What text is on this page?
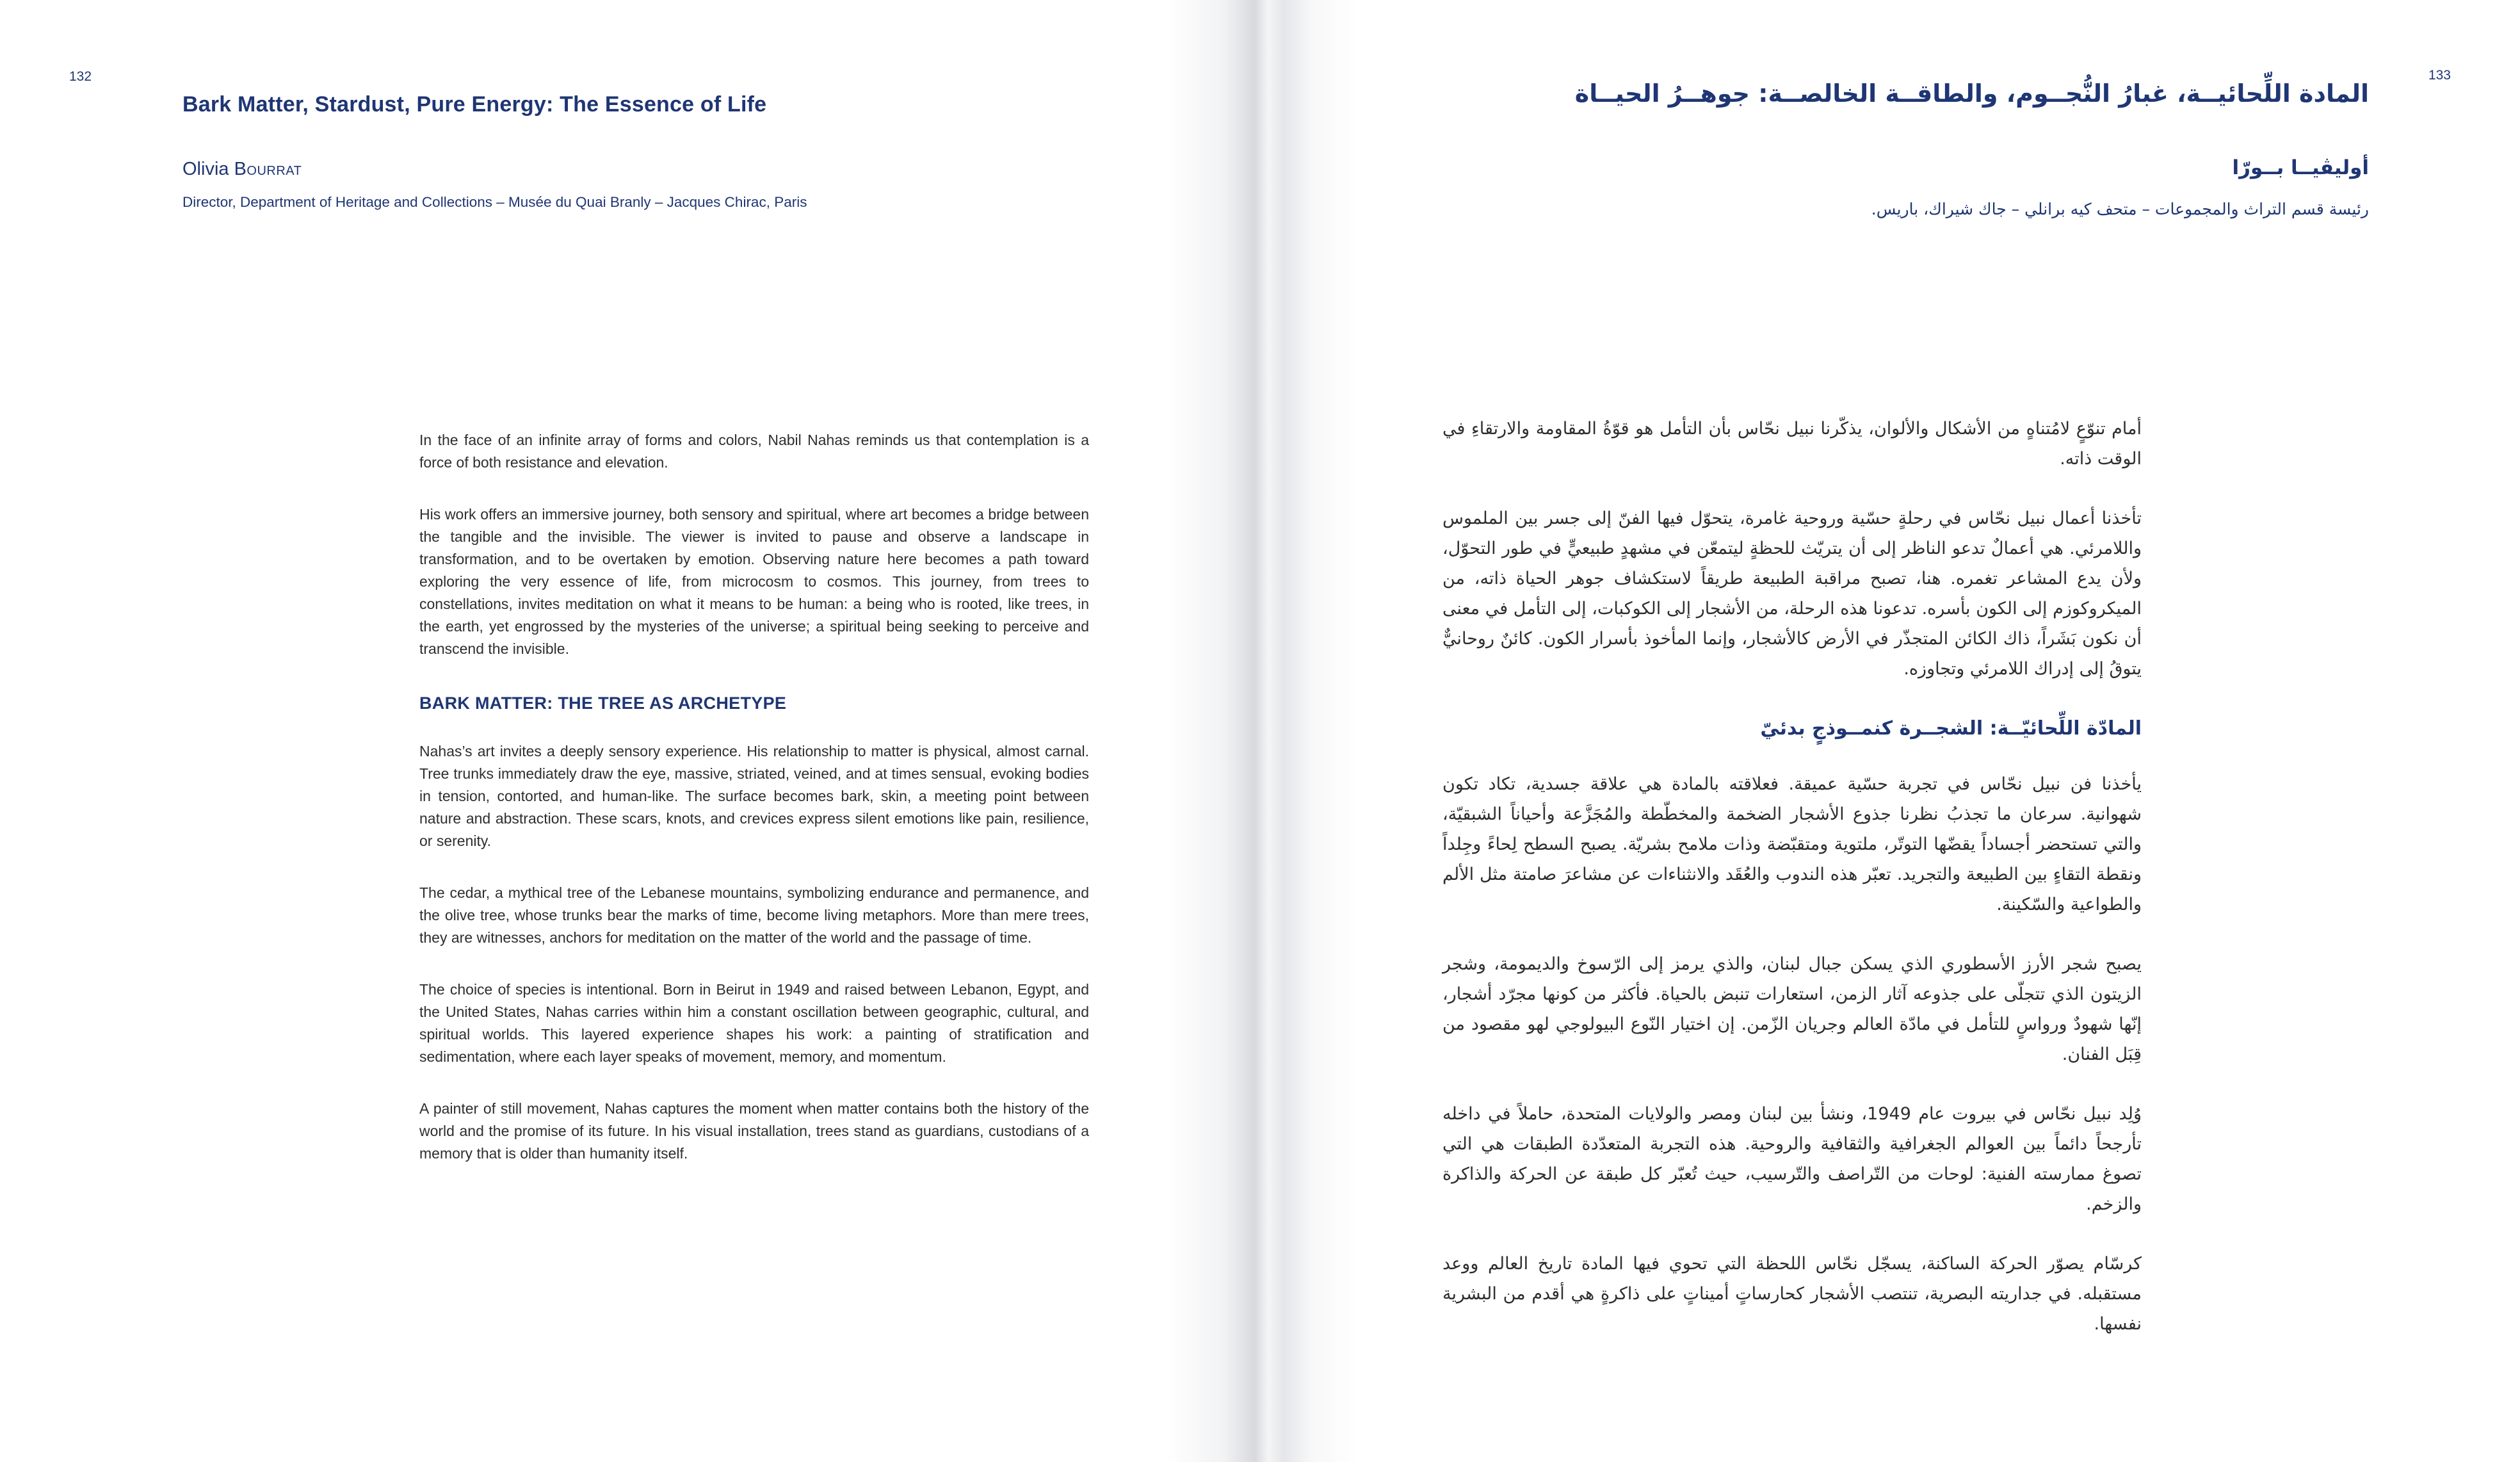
132
Bark Matter, Stardust, Pure Energy: The Essence of Life
Olivia Bourrat
Director, Department of Heritage and Collections – Musée du Quai Branly – Jacques Chirac, Paris

In the face of an infinite array of forms and colors, Nabil Nahas reminds us that contemplation is a force of both resistance and elevation.

His work offers an immersive journey, both sensory and spiritual, where art becomes a bridge between the tangible and the invisible. The viewer is invited to pause and observe a landscape in transformation, and to be overtaken by emotion. Observing nature here becomes a path toward exploring the very essence of life, from microcosm to cosmos. This journey, from trees to constellations, invites meditation on what it means to be human: a being who is rooted, like trees, in the earth, yet engrossed by the mysteries of the universe; a spiritual being seeking to perceive and transcend the invisible.

BARK MATTER: THE TREE AS ARCHETYPE

Nahas’s art invites a deeply sensory experience. His relationship to matter is physical, almost carnal. Tree trunks immediately draw the eye, massive, striated, veined, and at times sensual, evoking bodies in tension, contorted, and human-like. The surface becomes bark, skin, a meeting point between nature and abstraction. These scars, knots, and crevices express silent emotions like pain, resilience, or serenity.

The cedar, a mythical tree of the Lebanese mountains, symbolizing endurance and permanence, and the olive tree, whose trunks bear the marks of time, become living metaphors. More than mere trees, they are witnesses, anchors for meditation on the matter of the world and the passage of time.

The choice of species is intentional. Born in Beirut in 1949 and raised between Lebanon, Egypt, and the United States, Nahas carries within him a constant oscillation between geographic, cultural, and spiritual worlds. This layered experience shapes his work: a painting of stratification and sedimentation, where each layer speaks of movement, memory, and momentum.

A painter of still movement, Nahas captures the moment when matter contains both the history of the world and the promise of its future. In his visual installation, trees stand as guardians, custodians of a memory that is older than humanity itself.

133
المادة اللِّحائيــة، غبارُ النُّجــوم، والطاقــة الخالصــة: جوهــرُ الحيــاة
أوليڤيــا بــورّا
رئيسة قسم التراث والمجموعات – متحف كيه برانلي – جاك شيراك، باريس.

أمام تنوّعٍ لامُتناهٍ من الأشكال والألوان، يذكّرنا نبيل نحّاس بأن التأمل هو قوّةُ المقاومة والارتقاءِ في الوقت ذاته.

تأخذنا أعمال نبيل نحّاس في رحلةٍ حسّية وروحية غامرة، يتحوّل فيها الفنّ إلى جسر بين الملموس واللامرئي. هي أعمالٌ تدعو الناظر إلى أن يتريّث للحظةٍ ليتمعّن في مشهدٍ طبيعيٍّ في طور التحوّل، ولأن يدع المشاعر تغمره. هنا، تصبح مراقبة الطبيعة طريقاً لاستكشاف جوهر الحياة ذاته، من الميكروكوزم إلى الكون بأسره. تدعونا هذه الرحلة، من الأشجار إلى الكوكبات، إلى التأمل في معنى أن نكون بَشَراً، ذاك الكائن المتجذّر في الأرض كالأشجار، وإنما المأخوذ بأسرار الكون. كائنٌ روحانيٌّ يتوقُ إلى إدراك اللامرئي وتجاوزه.

المادّة اللِّحائيّــة: الشجــرة كنمــوذجٍ بدئيّ

يأخذنا فن نبيل نحّاس في تجربة حسّية عميقة. فعلاقته بالمادة هي علاقة جسدية، تكاد تكون شهوانية. سرعان ما تجذبُ نظرنا جذوع الأشجار الضخمة والمخطّطة والمُجَزَّعة وأحياناً الشبقيّة، والتي تستحضر أجساداً يقضّها التوتّر، ملتوية ومتقبّضة وذات ملامح بشريّة. يصبح السطح لِحاءً وجِلداً ونقطة التقاءٍ بين الطبيعة والتجريد. تعبّر هذه الندوب والعُقَد والانثناءات عن مشاعرَ صامتة مثل الألم والطواعية والسّكينة.

يصبح شجر الأرز الأسطوري الذي يسكن جبال لبنان، والذي يرمز إلى الرّسوخ والديمومة، وشجر الزيتون الذي تتجلّى على جذوعه آثار الزمن، استعارات تنبض بالحياة. فأكثر من كونها مجرّد أشجار، إنّها شهودٌ ورواسٍ للتأمل في مادّة العالم وجريان الزّمن. إن اختيار النّوع البيولوجي لهو مقصود من قِبَل الفنان.

وُلِد نبيل نحّاس في بيروت عام 1949، ونشأ بين لبنان ومصر والولايات المتحدة، حاملاً في داخله تأرجحاً دائماً بين العوالم الجغرافية والثقافية والروحية. هذه التجربة المتعدّدة الطبقات هي التي تصوغ ممارسته الفنية: لوحات من التّراصف والتّرسيب، حيث تُعبّر كل طبقة عن الحركة والذاكرة والزخم.

كرسّام يصوّر الحركة الساكنة، يسجّل نحّاس اللحظة التي تحوي فيها المادة تاريخ العالم ووعد مستقبله. في جداريته البصرية، تنتصب الأشجار كحارساتٍ أميناتٍ على ذاكرةٍ هي أقدم من البشرية نفسها.
